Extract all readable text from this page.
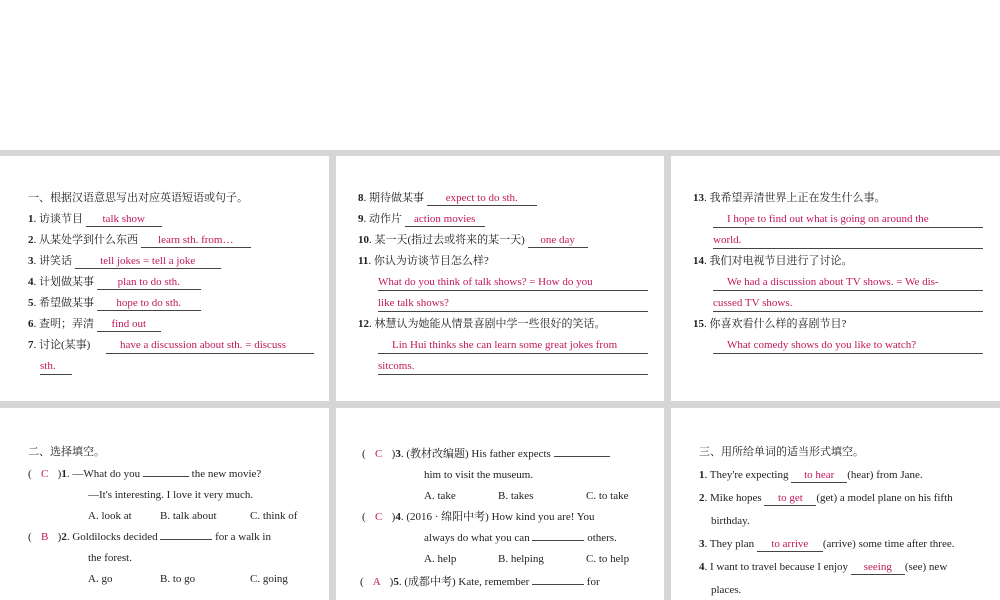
一、根据汉语意思写出对应英语短语或句子。
1. 访谈节目 talk show
2. 从某处学到什么东西 learn sth. from…
3. 讲笑话	tell jokes = tell a joke
4. 计划做某事 plan to do sth.
5. 希望做某事 hope to do sth.
6. 查明；弄清 find out
7. 讨论(某事)	have a discussion about sth. = discuss
sth.
8. 期待做某事 expect to do sth.
9. 动作片 action movies
10. 某一天(指过去或将来的某一天) one day
11. 你认为访谈节目怎么样?
What do you think of talk shows? = How do you
like talk shows?
12. 林慧认为她能从情景喜剧中学一些很好的笑话。
Lin Hui thinks she can learn some great jokes from
sitcoms.
13. 我希望弄清世界上正在发生什么事。
I hope to find out what is going on around the
world.
14. 我们对电视节目进行了讨论。
We had a discussion about TV shows. = We dis-
cussed TV shows.
15. 你喜欢看什么样的喜剧节目?
What comedy shows do you like to watch?
二、选择填空。
( C )1. —What do you	the new movie?
—It's interesting. I love it very much.
A. look at	B. talk about	C. think of
( B )2. Goldilocks decided	for a walk in
the forest.
A. go	B. to go	C. going
( C )3. (教材改编题) His father expects
him to visit the museum.
A. take	B. takes	C. to take
( C )4. (2016 · 绵阳中考) How kind you are! You
always do what you can	others.
A. help	B. helping	C. to help
( A )5. (成都中考) Kate, remember	for
三、用所给单词的适当形式填空。
1. They're expecting to hear (hear) from Jane.
2. Mike hopes to get (get) a model plane on his fifth
birthday.
3. They plan to arrive (arrive) some time after three.
4. I want to travel because I enjoy seeing (see) new
places.
